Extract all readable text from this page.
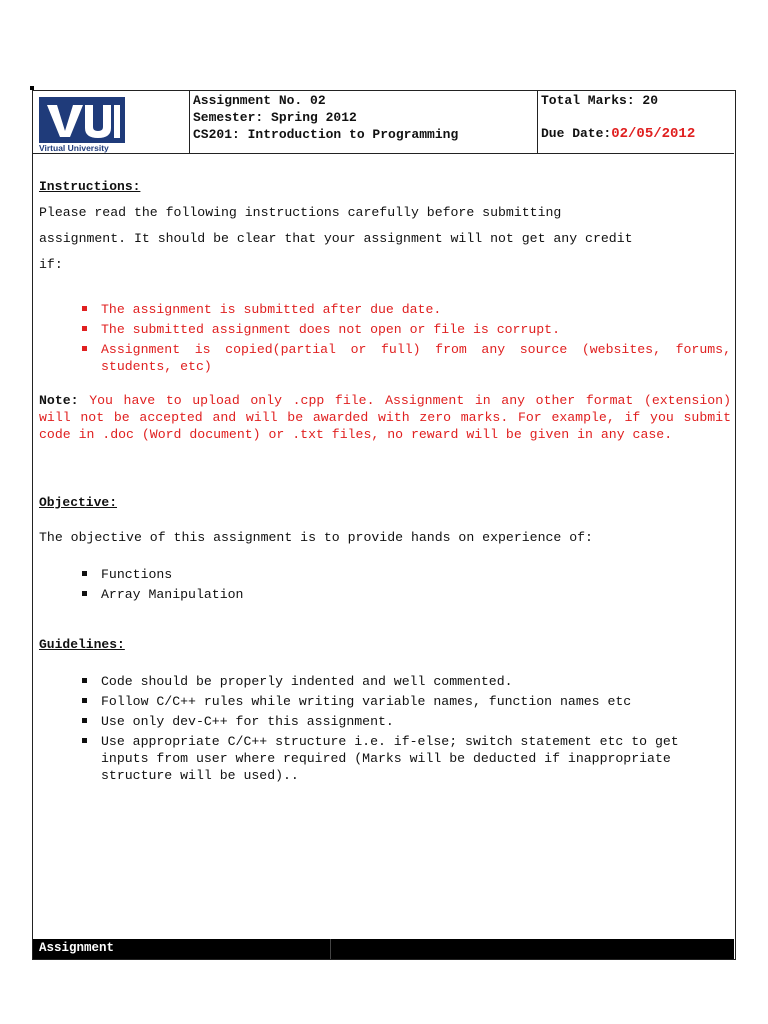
Virtual University
Assignment No. 02
Semester: Spring 2012
CS201: Introduction to Programming
Total Marks: 20
Due Date:02/05/2012
Instructions:
Please read the following instructions carefully before submitting
assignment. It should be clear that your assignment will not get any credit
if:
The assignment is submitted after due date.
The submitted assignment does not open or file is corrupt.
Assignment is copied(partial or full) from any source (websites, forums, students, etc)
Note: You have to upload only .cpp file. Assignment in any other format (extension) will not be accepted and will be awarded with zero marks. For example, if you submit code in .doc (Word document) or .txt files, no reward will be given in any case.
Objective:
The objective of this assignment is to provide hands on experience of:
Functions
Array Manipulation
Guidelines:
Code should be properly indented and well commented.
Follow C/C++ rules while writing variable names, function names etc
Use only dev-C++ for this assignment.
Use appropriate C/C++ structure i.e. if-else; switch statement etc to get inputs from user where required (Marks will be deducted if inappropriate structure will be used)..
Assignment
